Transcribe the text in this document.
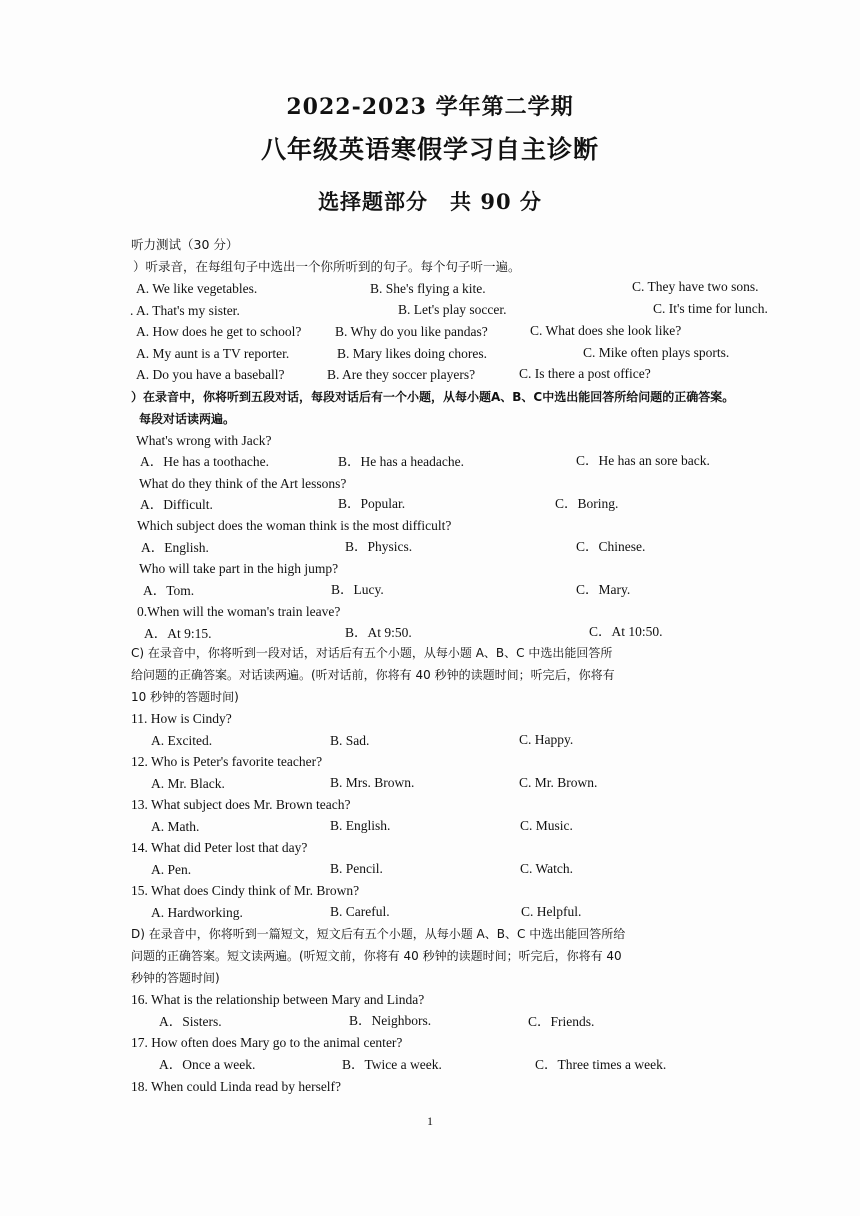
2022-2023 学年第二学期
八年级英语寒假学习自主诊断
选择题部分　共 90 分
听力测试（30 分）
）听录音，在每组句子中选出一个你所听到的句子。每个句子听一遍。
A. We like vegetables.	B. She's flying a kite.	C. They have two sons.
. A. That's my sister.	B. Let's play soccer.	C. It's time for lunch.
A. How does he get to school? B. Why do you like pandas?	C. What does she look like?
A. My aunt is a TV reporter.	B. Mary likes doing chores.	C. Mike often plays sports.
A. Do you have a baseball?	B. Are they soccer players?	C. Is there a post office?
）在录音中，你将听到五段对话，每段对话后有一个小题，从每小题A、B、C中选出能回答所给问题的正确答案。
每段对话读两遍。
What's wrong with Jack?
A．He has a toothache.	B．He has a headache.	C．He has an sore back.
What do they think of the Art lessons?
A．Difficult.	B．Popular.	C．Boring.
Which subject does the woman think is the most difficult?
A．English.	B．Physics.	C．Chinese.
Who will take part in the high jump?
A．Tom.	B．Lucy.	C．Mary.
0.When will the woman's train leave?
A．At 9:15.	B．At 9:50.	C．At 10:50.
C) 在录音中，你将听到一段对话，对话后有五个小题，从每小题 A、B、C 中选出能回答所
给问题的正确答案。对话读两遍。(听对话前，你将有 40 秒钟的读题时间；听完后，你将有
10 秒钟的答题时间)
11. How is Cindy?
A. Excited.	B. Sad.	C. Happy.
12. Who is Peter's favorite teacher?
A. Mr. Black.	B. Mrs. Brown.	C. Mr. Brown.
13. What subject does Mr. Brown teach?
A. Math.	B. English.	C. Music.
14. What did Peter lost that day?
A. Pen.	B. Pencil.	C. Watch.
15. What does Cindy think of Mr. Brown?
A. Hardworking.	B. Careful.	C. Helpful.
D) 在录音中，你将听到一篇短文，短文后有五个小题，从每小题 A、B、C 中选出能回答所给
问题的正确答案。短文读两遍。(听短文前，你将有 40 秒钟的读题时间；听完后，你将有 40
秒钟的答题时间)
16. What is the relationship between Mary and Linda?
A．Sisters.	B．Neighbors.	C．Friends.
17. How often does Mary go to the animal center?
A．Once a week.	B．Twice a week.	C．Three times a week.
18. When could Linda read by herself?
1
